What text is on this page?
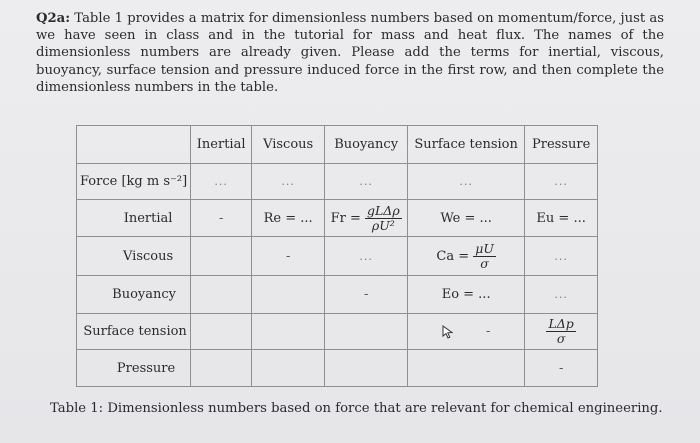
Q2a: Table 1 provides a matrix for dimensionless numbers based on momentum/force, just as we have seen in class and in the tutorial for mass and heat flux. The names of the dimensionless numbers are already given. Please add the terms for inertial, viscous, buoyancy, surface tension and pressure induced force in the first row, and then complete the dimensionless numbers in the table.
	Inertial	Viscous	Buoyancy	Surface tension	Pressure
Force [kg m s⁻²]	...	...	...	...	...
Inertial	-	Re = ...	$Fr = \frac{\text{gLΔρ}}{\text{ρU²}}$	We = ...	Eu = ...
Viscous		-	...	$Ca = \frac{\mu U}{\sigma}$	...
Buoyancy			-	Eo = ...	...
Surface tension				-	$\frac{\text{LΔp}}{\sigma}$

Pressure					-
Table 1: Dimensionless numbers based on force that are relevant for chemical engineering.
